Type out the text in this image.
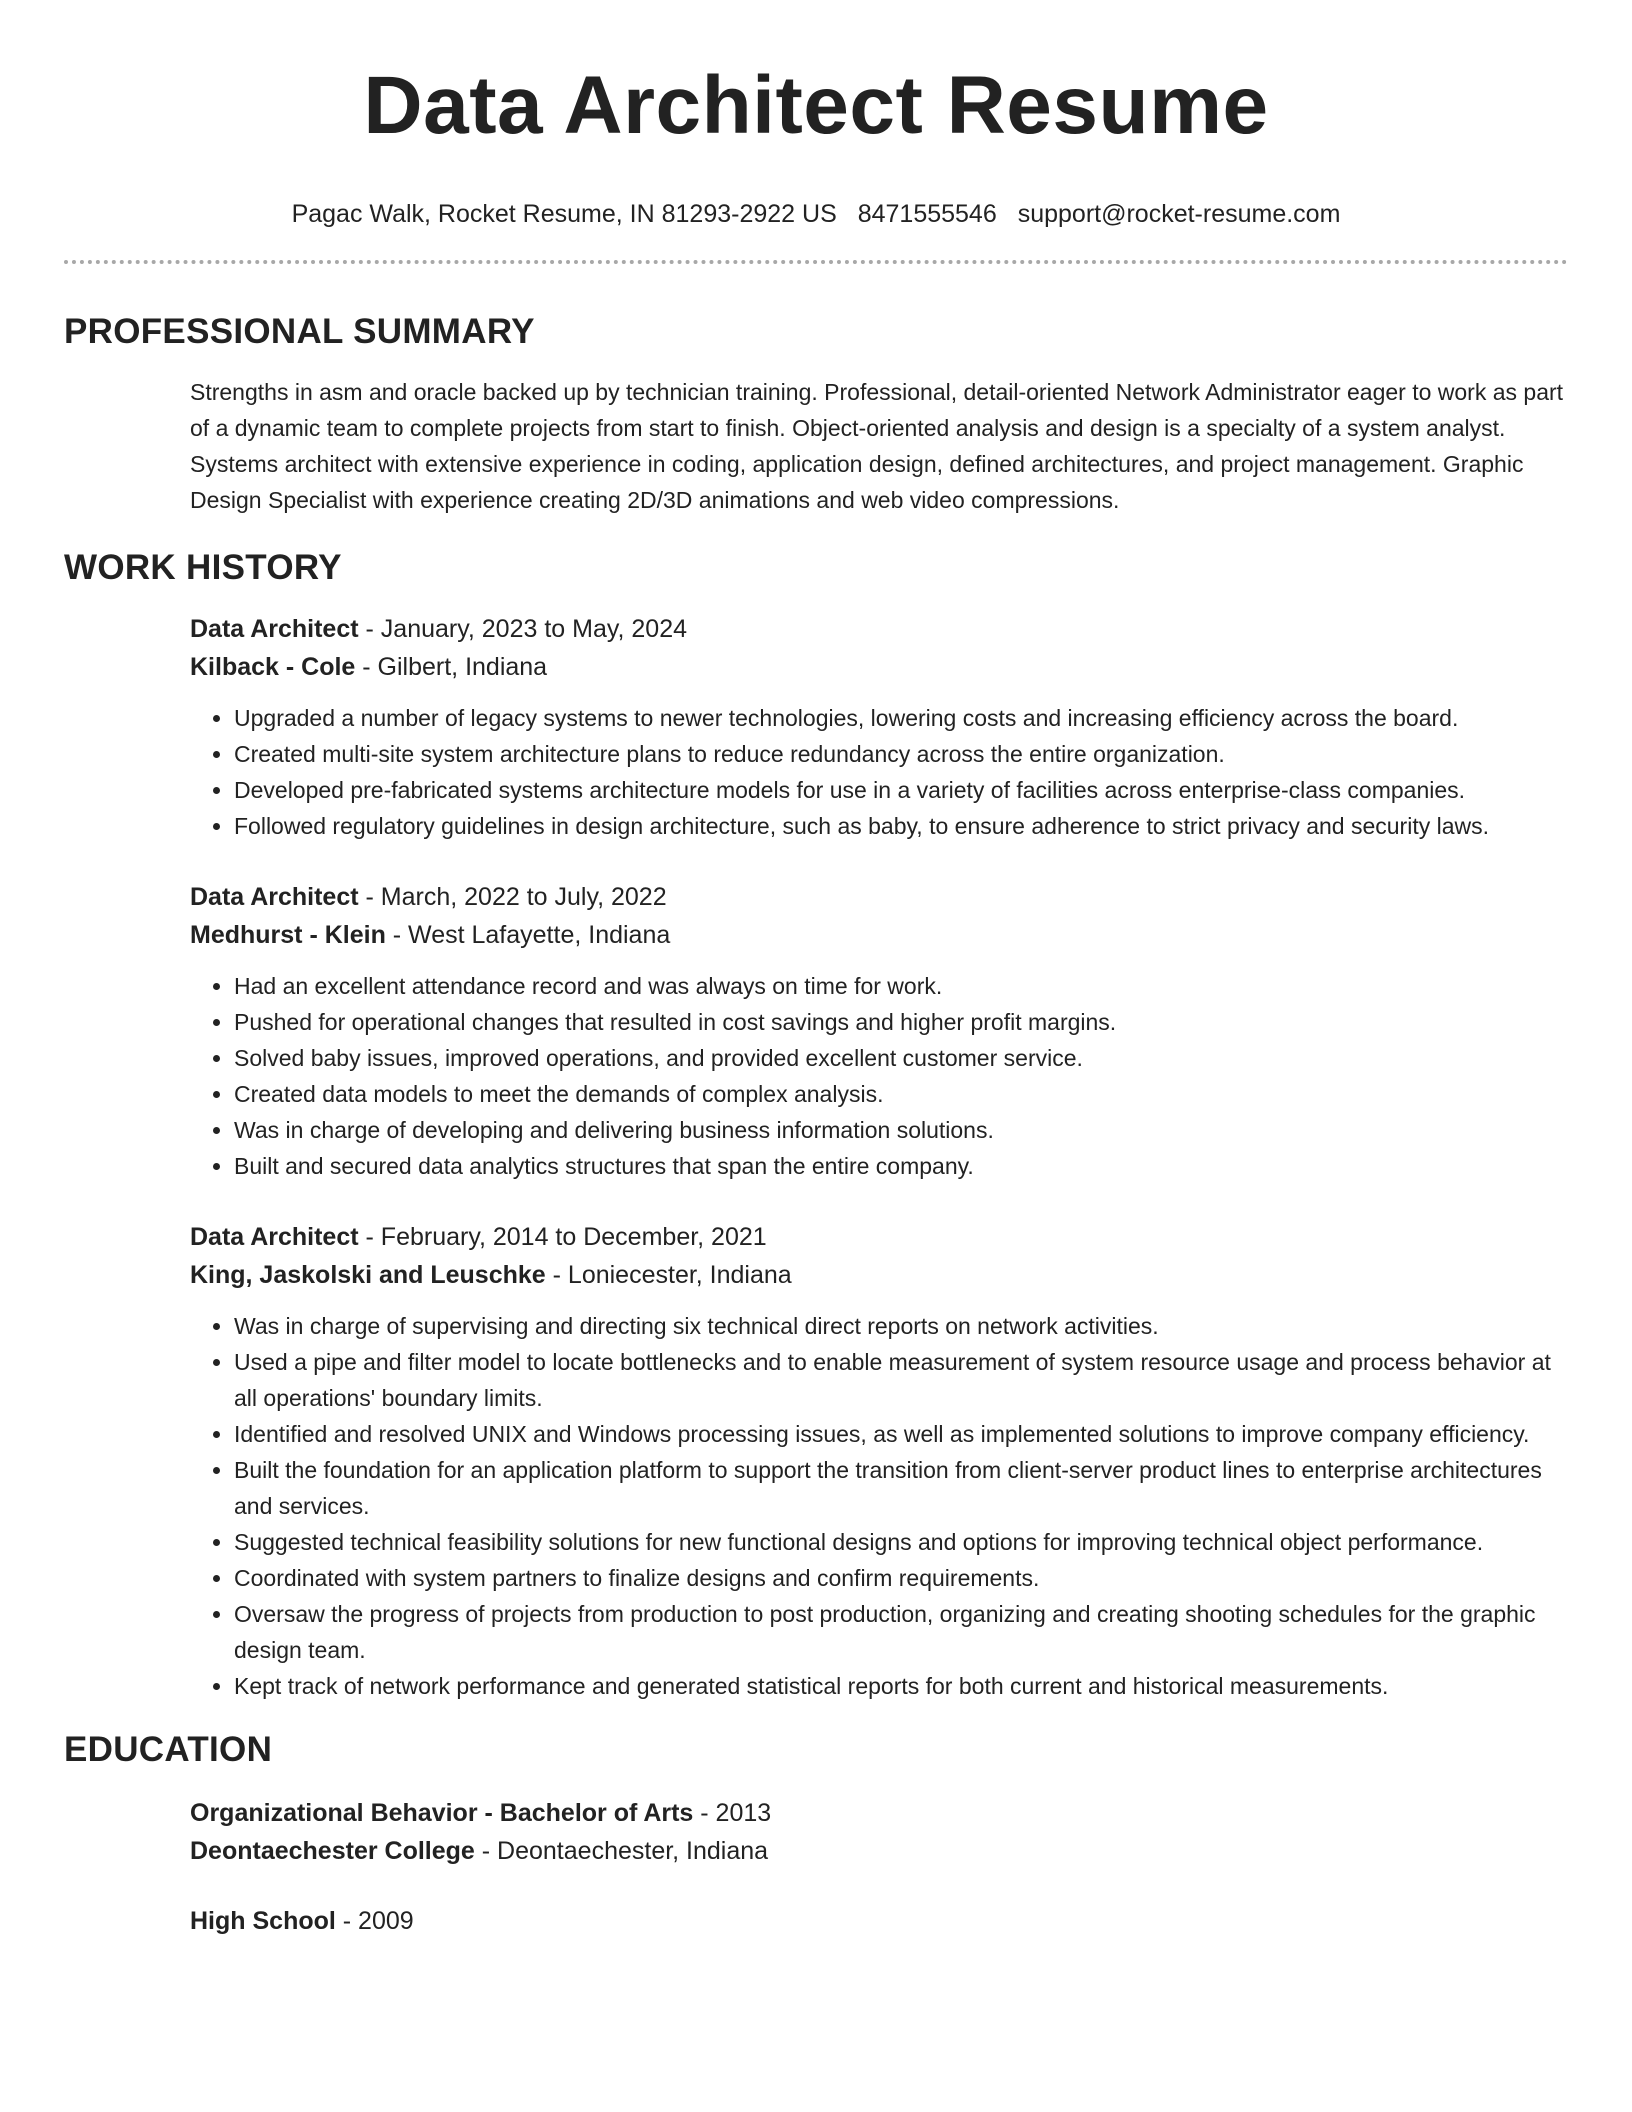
Data Architect Resume
Pagac Walk, Rocket Resume, IN 81293-2922 US 8471555546 support@rocket-resume.com
PROFESSIONAL SUMMARY
Strengths in asm and oracle backed up by technician training. Professional, detail-oriented Network Administrator eager to work as part of a dynamic team to complete projects from start to finish. Object-oriented analysis and design is a specialty of a system analyst. Systems architect with extensive experience in coding, application design, defined architectures, and project management. Graphic Design Specialist with experience creating 2D/3D animations and web video compressions.
WORK HISTORY
Data Architect - January, 2023 to May, 2024
Kilback - Cole - Gilbert, Indiana
• Upgraded a number of legacy systems to newer technologies, lowering costs and increasing efficiency across the board.
• Created multi-site system architecture plans to reduce redundancy across the entire organization.
• Developed pre-fabricated systems architecture models for use in a variety of facilities across enterprise-class companies.
• Followed regulatory guidelines in design architecture, such as baby, to ensure adherence to strict privacy and security laws.
Data Architect - March, 2022 to July, 2022
Medhurst - Klein - West Lafayette, Indiana
• Had an excellent attendance record and was always on time for work.
• Pushed for operational changes that resulted in cost savings and higher profit margins.
• Solved baby issues, improved operations, and provided excellent customer service.
• Created data models to meet the demands of complex analysis.
• Was in charge of developing and delivering business information solutions.
• Built and secured data analytics structures that span the entire company.
Data Architect - February, 2014 to December, 2021
King, Jaskolski and Leuschke - Loniecester, Indiana
• Was in charge of supervising and directing six technical direct reports on network activities.
• Used a pipe and filter model to locate bottlenecks and to enable measurement of system resource usage and process behavior at all operations' boundary limits.
• Identified and resolved UNIX and Windows processing issues, as well as implemented solutions to improve company efficiency.
• Built the foundation for an application platform to support the transition from client-server product lines to enterprise architectures and services.
• Suggested technical feasibility solutions for new functional designs and options for improving technical object performance.
• Coordinated with system partners to finalize designs and confirm requirements.
• Oversaw the progress of projects from production to post production, organizing and creating shooting schedules for the graphic design team.
• Kept track of network performance and generated statistical reports for both current and historical measurements.
EDUCATION
Organizational Behavior - Bachelor of Arts - 2013
Deontaechester College - Deontaechester, Indiana
High School - 2009
